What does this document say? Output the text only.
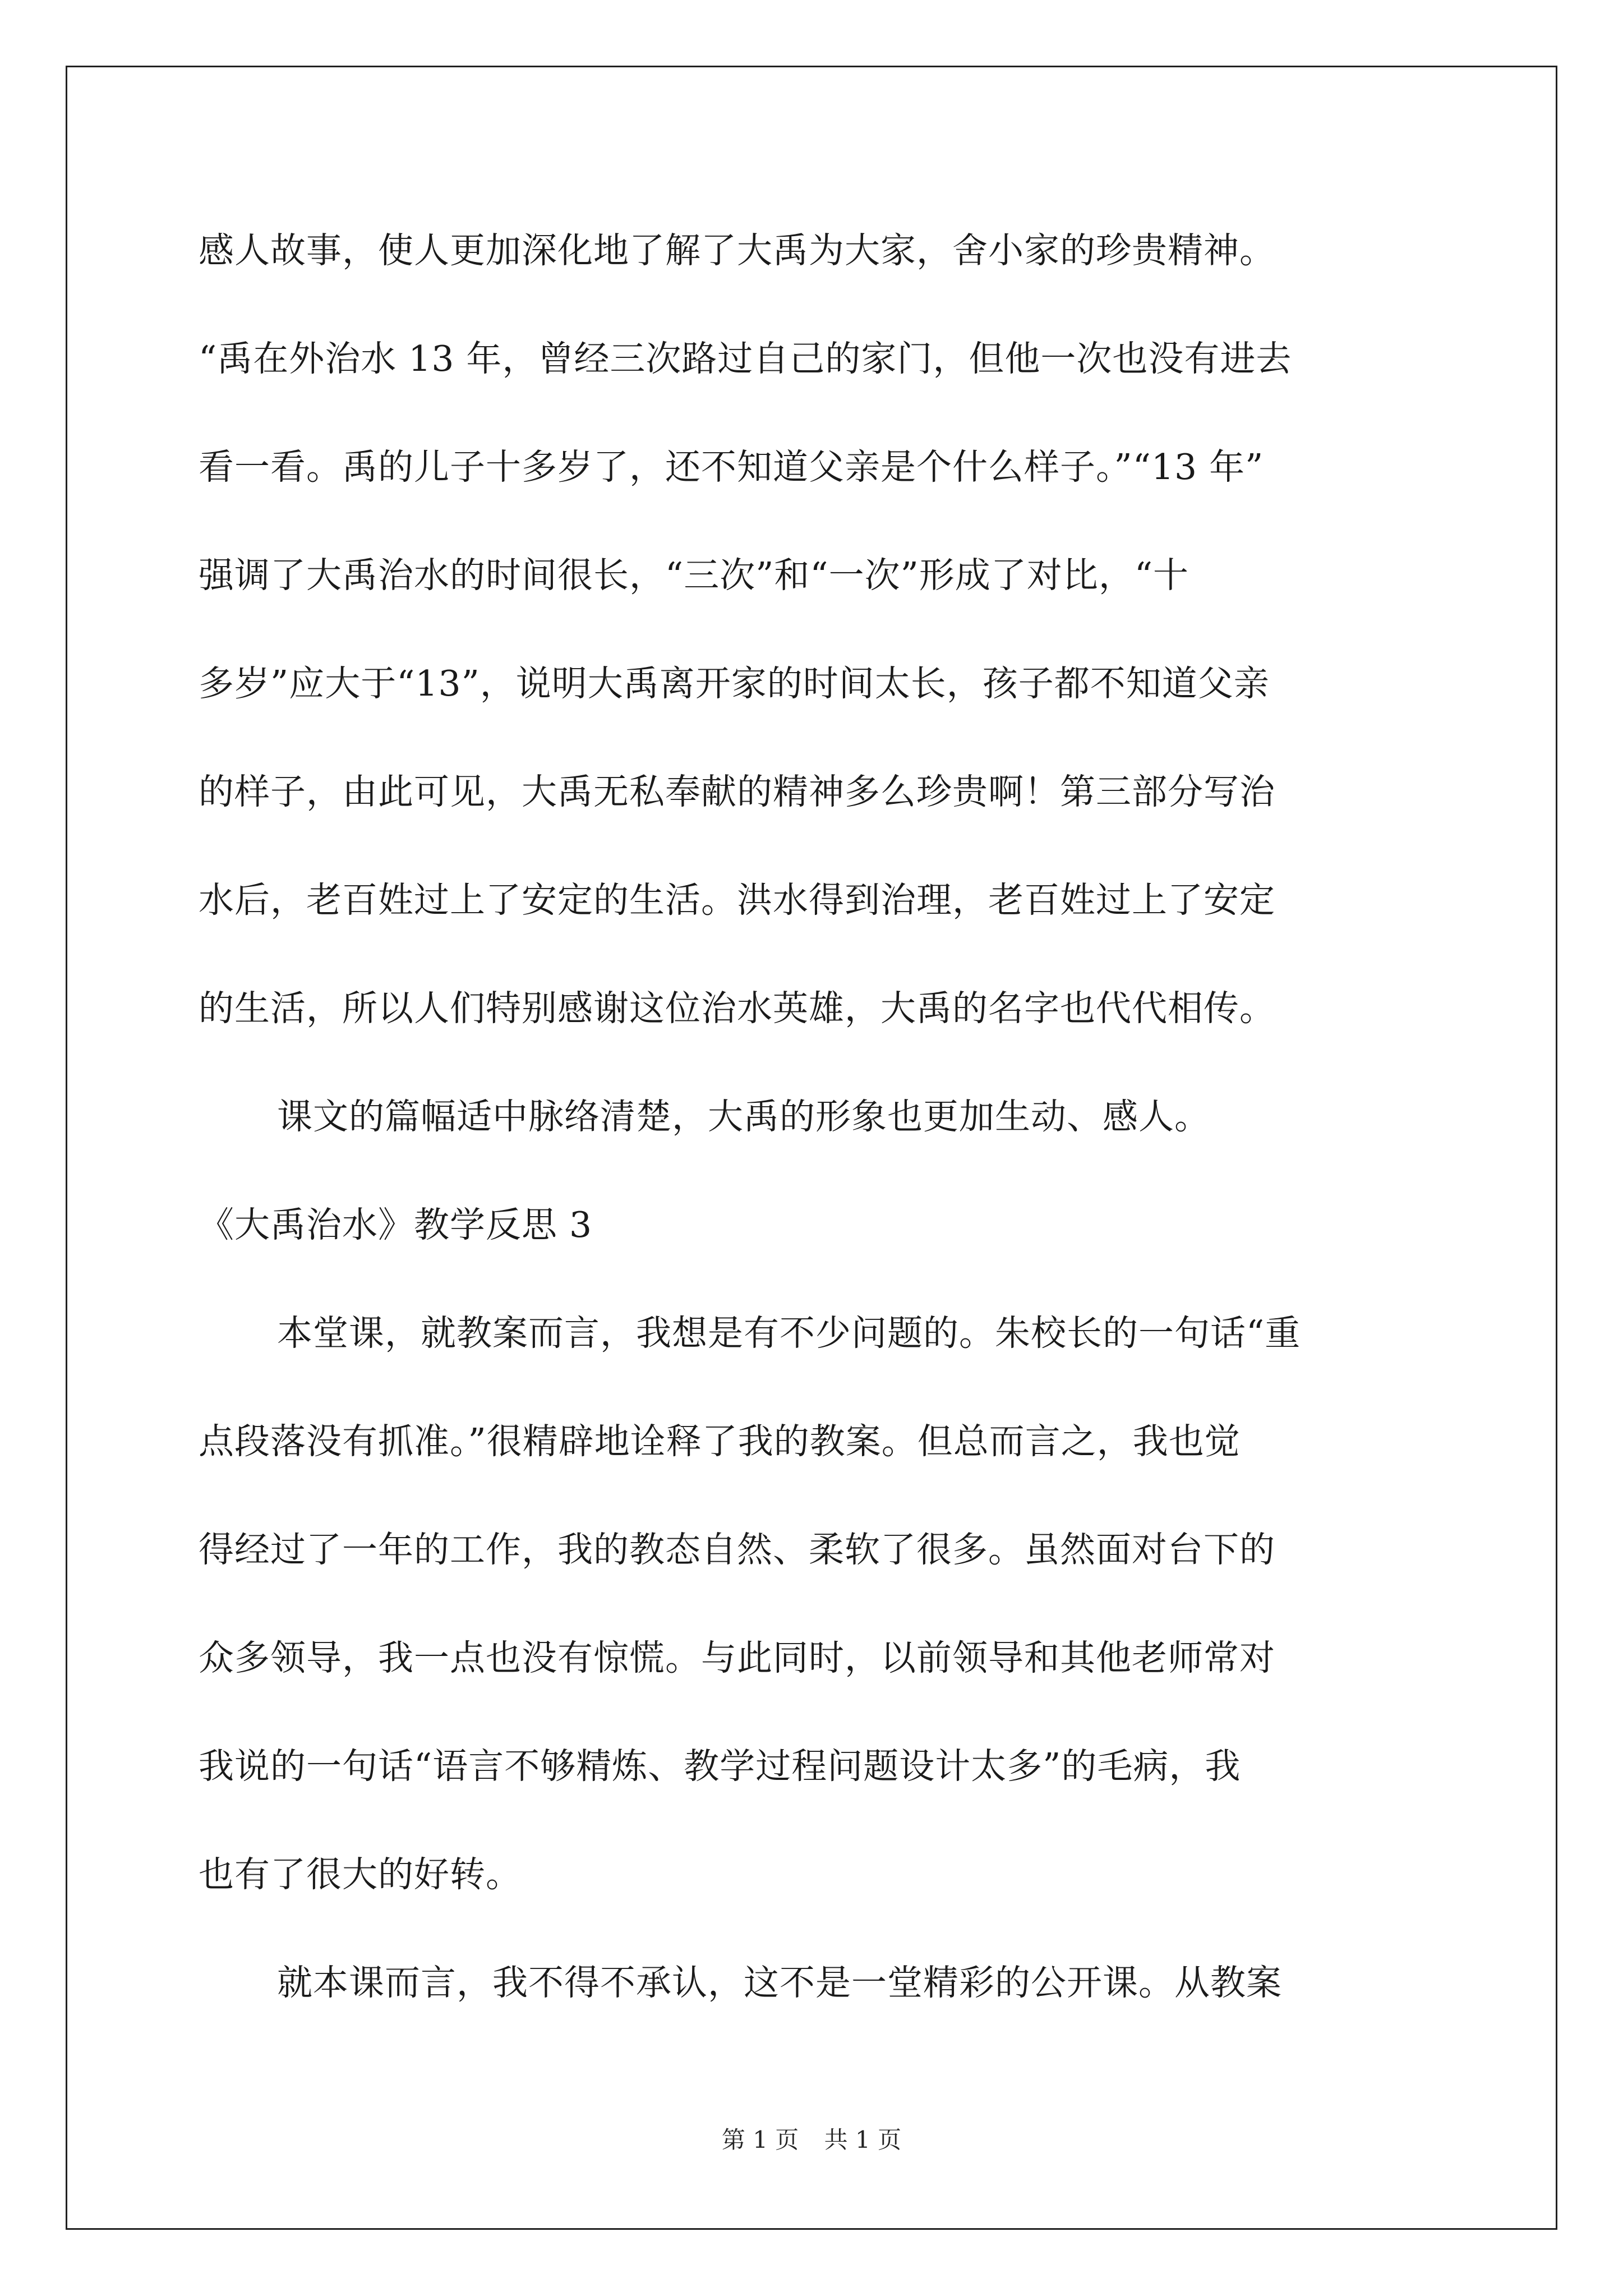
感人故事，使人更加深化地了解了大禹为大家，舍小家的珍贵精神。
“禹在外治水 13 年，曾经三次路过自己的家门，但他一次也没有进去
看一看。禹的儿子十多岁了，还不知道父亲是个什么样子。”“13 年”
强调了大禹治水的时间很长，“三次”和“一次”形成了对比，“十
多岁”应大于“13”，说明大禹离开家的时间太长，孩子都不知道父亲
的样子，由此可见，大禹无私奉献的精神多么珍贵啊！第三部分写治
水后，老百姓过上了安定的生活。洪水得到治理，老百姓过上了安定
的生活，所以人们特别感谢这位治水英雄，大禹的名字也代代相传。
课文的篇幅适中脉络清楚，大禹的形象也更加生动、感人。
《大禹治水》教学反思 3
本堂课，就教案而言，我想是有不少问题的。朱校长的一句话“重
点段落没有抓准。”很精辟地诠释了我的教案。但总而言之，我也觉
得经过了一年的工作，我的教态自然、柔软了很多。虽然面对台下的
众多领导，我一点也没有惊慌。与此同时，以前领导和其他老师常对
我说的一句话“语言不够精炼、教学过程问题设计太多”的毛病，我
也有了很大的好转。
就本课而言，我不得不承认，这不是一堂精彩的公开课。从教案
第 1 页 共 1 页
